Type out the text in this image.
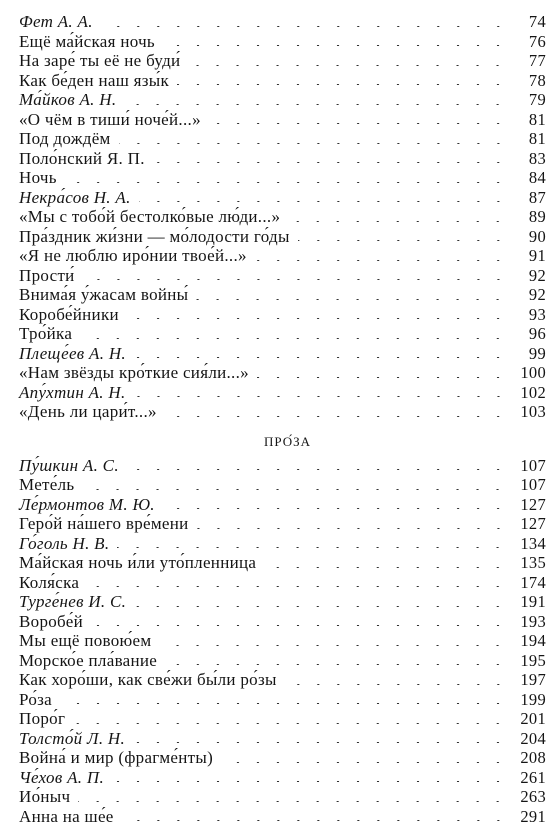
Фет А. А.	74
Ещё ма́йская ночь	76
На заре́ ты её не буди́	77
Как бе́ден наш язы́к	78
Ма́йков А. Н.	79
«О чём в тиши́ ноче́й...»	81
Под дождём	81
Поло́нский Я. П.	83
Ночь	84
Некра́сов Н. А.	87
«Мы с тобо́й бестолко́вые лю́ди...»	89
Пра́здник жи́зни — мо́лодости го́ды	90
«Я не люблю иро́нии твое́й...»	91
Прости́	92
Внима́я у́жасам войны́	92
Коробе́йники	93
Тро́йка	96
Плеще́ев А. Н.	99
«Нам звёзды кро́ткие сия́ли...»	100
Апу́хтин А. Н.	102
«День ли цари́т...»	103
ПРО́ЗА
Пу́шкин А. С.	107
Мете́ль	107
Ле́рмонтов М. Ю.	127
Геро́й на́шего вре́мени	127
Го́голь Н. В.	134
Ма́йская ночь и́ли уто́пленница	135
Коля́ска	174
Турге́нев И. С.	191
Воробе́й	193
Мы ещё повою́ем	194
Морско́е пла́вание	195
Как хоро́ши, как све́жи бы́ли ро́зы	197
Ро́за	199
Поро́г	201
Толсто́й Л. Н.	204
Война́ и мир (фрагме́нты)	208
Че́хов А. П.	261
Ио́ныч	263
Анна на ше́е	291
